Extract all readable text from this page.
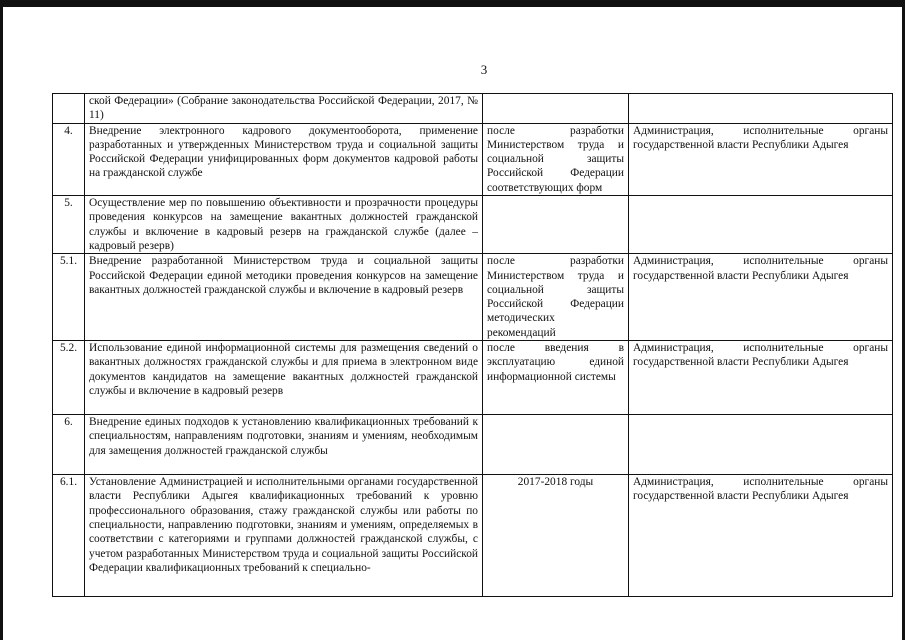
3
	ской Федерации» (Собрание законодательства Российской Федерации, 2017, № 11)		
4.	Внедрение электронного кадрового документооборота, применение разработанных и утвержденных Министерством труда и социальной защиты Российской Федерации унифицированных форм документов кадровой работы на гражданской службе	после разработки Министерством труда и социальной защиты Российской Федерации соответствующих форм	Администрация, исполнительные органы государственной власти Республики Адыгея
5.	Осуществление мер по повышению объективности и прозрачности процедуры проведения конкурсов на замещение вакантных должностей гражданской службы и включение в кадровый резерв на гражданской службе (далее – кадровый резерв)		
5.1.	Внедрение разработанной Министерством труда и социальной защиты Российской Федерации единой методики проведения конкурсов на замещение вакантных должностей гражданской службы и включение в кадровый резерв	после разработки Министерством труда и социальной защиты Российской Федерации методических рекомендаций	Администрация, исполнительные органы государственной власти Республики Адыгея
5.2.	Использование единой информационной системы для размещения сведений о вакантных должностях гражданской службы и для приема в электронном виде документов кандидатов на замещение вакантных должностей гражданской службы и включение в кадровый резерв	после введения в эксплуатацию единой информационной системы	Администрация, исполнительные органы государственной власти Республики Адыгея
6.	Внедрение единых подходов к установлению квалификационных требований к специальностям, направлениям подготовки, знаниям и умениям, необходимым для замещения должностей гражданской службы		
6.1.	Установление Администрацией и исполнительными органами государственной власти Республики Адыгея квалификационных требований к уровню профессионального образования, стажу гражданской службы или работы по специальности, направлению подготовки, знаниям и умениям, определяемых в соответствии с категориями и группами должностей гражданской службы, с учетом разработанных Министерством труда и социальной защиты Российской Федерации квалификационных требований к специально-	2017-2018 годы	Администрация, исполнительные органы государственной власти Республики Адыгея
